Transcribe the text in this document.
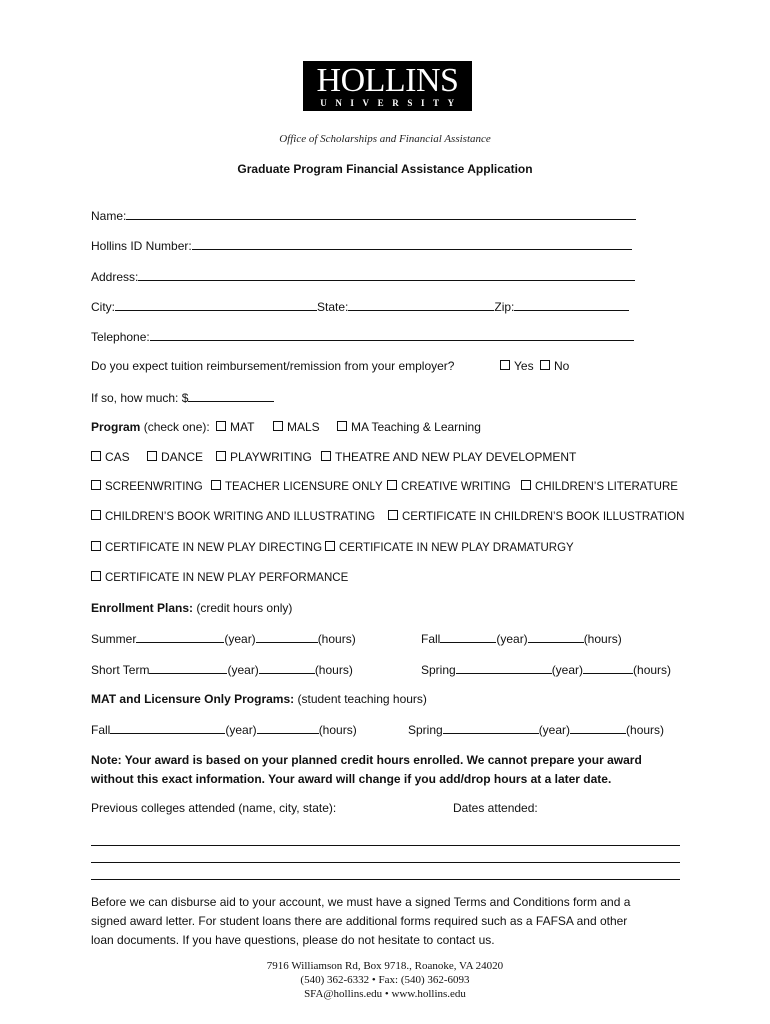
HOLLINS
UNIVERSITY
Office of Scholarships and Financial Assistance
Graduate Program Financial Assistance Application
Name:
Hollins ID Number:
Address:
City:	State:	Zip:
Telephone:
Do you expect tuition reimbursement/remission from your employer?	Yes	No
If so, how much: $
Program (check one):	MAT	MALS	MA Teaching & Learning
CAS	DANCE	PLAYWRITING	THEATRE AND NEW PLAY DEVELOPMENT
SCREENWRITING	TEACHER LICENSURE ONLY	CREATIVE WRITING	CHILDREN’S LITERATURE
CHILDREN’S BOOK WRITING AND ILLUSTRATING	CERTIFICATE IN CHILDREN’S BOOK ILLUSTRATION
CERTIFICATE IN NEW PLAY DIRECTING	CERTIFICATE IN NEW PLAY DRAMATURGY
CERTIFICATE IN NEW PLAY PERFORMANCE
Enrollment Plans: (credit hours only)
Summer	(year)	(hours)	Fall	(year)	(hours)
Short Term	(year)	(hours)	Spring	(year)	(hours)
MAT and Licensure Only Programs: (student teaching hours)
Fall	(year)	(hours)	Spring	(year)	(hours)
Note: Your award is based on your planned credit hours enrolled. We cannot prepare your award
without this exact information. Your award will change if you add/drop hours at a later date.
Previous colleges attended (name, city, state):	Dates attended:
Before we can disburse aid to your account, we must have a signed Terms and Conditions form and a
signed award letter. For student loans there are additional forms required such as a FAFSA and other
loan documents. If you have questions, please do not hesitate to contact us.
7916 Williamson Rd, Box 9718., Roanoke, VA 24020
(540) 362-6332 • Fax: (540) 362-6093
SFA@hollins.edu • www.hollins.edu
